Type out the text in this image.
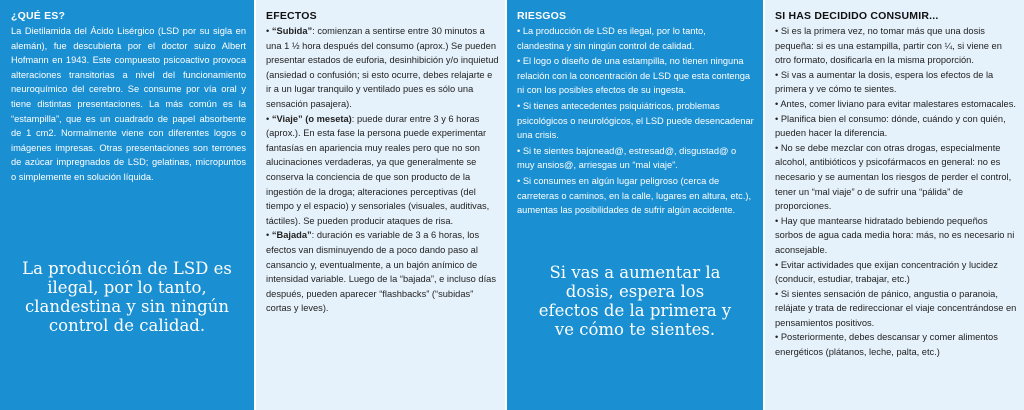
¿QUÉ ES?

La Dietilamida del Ácido Lisérgico (LSD por su sigla en alemán), fue descubierta por el doctor suizo Albert Hofmann en 1943. Este compuesto psicoactivo provoca alteraciones transitorias a nivel del funcionamiento neuroquímico del cerebro. Se consume por vía oral y tiene distintas presentaciones. La más común es la “estampilla”, que es un cuadrado de papel absorbente de 1 cm2. Normalmente viene con diferentes logos o imágenes impresas. Otras presentaciones son terrones de azúcar impregnados de LSD; gelatinas, micropuntos o simplemente en solución líquida.

La producción de LSD es ilegal, por lo tanto, clandestina y sin ningún control de calidad.
EFECTOS
• “Subida”: comienzan a sentirse entre 30 minutos a una 1 ½ hora después del consumo (aprox.) Se pueden presentar estados de euforia, desinhibición y/o inquietud (ansiedad o confusión; si esto ocurre, debes relajarte e ir a un lugar tranquilo y ventilado pues es sólo una sensación pasajera).
• “Viaje” (o meseta): puede durar entre 3 y 6 horas (aprox.). En esta fase la persona puede experimentar fantasías en apariencia muy reales pero que no son alucinaciones verdaderas, ya que generalmente se conserva la conciencia de que son producto de la ingestión de la droga; alteraciones perceptivas (del tiempo y el espacio) y sensoriales (visuales, auditivas, táctiles). Se pueden producir ataques de risa.
• “Bajada”: duración es variable de 3 a 6 horas, los efectos van disminuyendo de a poco dando paso al cansancio y, eventualmente, a un bajón anímico de intensidad variable. Luego de la “bajada”, e incluso días después, pueden aparecer “flashbacks” (“subidas” cortas y leves).
RIESGOS
• La producción de LSD es ilegal, por lo tanto, clandestina y sin ningún control de calidad.
• El logo o diseño de una estampilla, no tienen ninguna relación con la concentración de LSD que esta contenga ni con los posibles efectos de su ingesta.
• Si tienes antecedentes psiquiátricos, problemas psicológicos o neurológicos, el LSD puede desencadenar una crisis.
• Si te sientes bajonead@, estresad@, disgustad@ o muy ansios@, arriesgas un “mal viaje”.
• Si consumes en algún lugar peligroso (cerca de carreteras o caminos, en la calle, lugares en altura, etc.), aumentas las posibilidades de sufrir algún accidente.
Si vas a aumentar la dosis, espera los efectos de la primera y ve cómo te sientes.
SI HAS DECIDIDO CONSUMIR...
• Si es la primera vez, no tomar más que una dosis pequeña: si es una estampilla, partir con ¼, si viene en otro formato, dosificarla en la misma proporción.
• Si vas a aumentar la dosis, espera los efectos de la primera y ve cómo te sientes.
• Antes, comer liviano para evitar malestares estomacales.
• Planifica bien el consumo: dónde, cuándo y con quién, pueden hacer la diferencia.
• No se debe mezclar con otras drogas, especialmente alcohol, antibióticos y psicofármacos en general: no es necesario y se aumentan los riesgos de perder el control, tener un “mal viaje” o de sufrir una “pálida” de proporciones.
• Hay que mantearse hidratado bebiendo pequeños sorbos de agua cada media hora: más, no es necesario ni aconsejable.
• Evitar actividades que exijan concentración y lucidez (conducir, estudiar, trabajar, etc.)
• Si sientes sensación de pánico, angustia o paranoia, relájate y trata de redireccionar el viaje concentrándose en pensamientos positivos.
• Posteriormente, debes descansar y comer alimentos energéticos (plátanos, leche, palta, etc.)
